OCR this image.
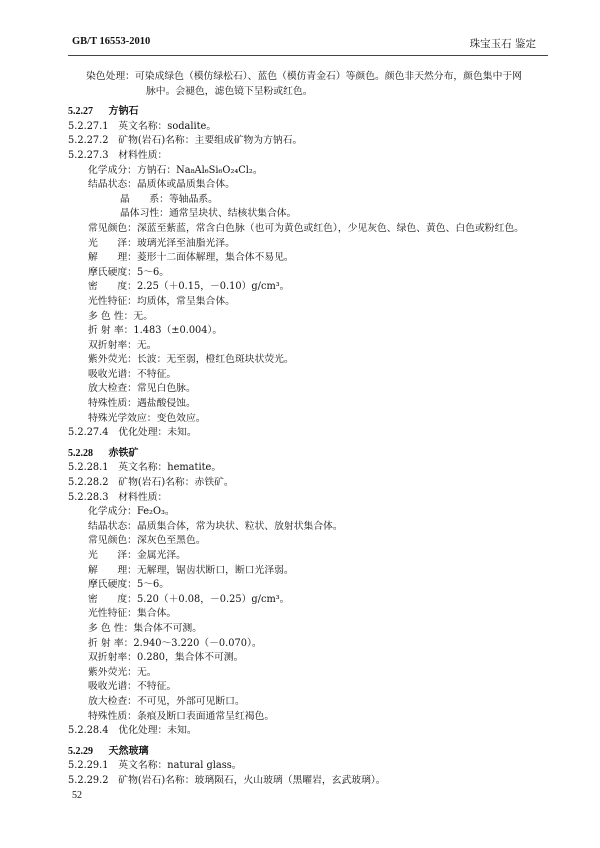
GB/T 16553-2010	珠宝玉石 鉴定
染色处理：可染成绿色（模仿绿松石）、蓝色（模仿青金石）等颜色。颜色非天然分布，颜色集中于网
脉中。会褪色，滤色镜下呈粉或红色。
5.2.27 方钠石
5.2.27.1　英文名称：sodalite。
5.2.27.2　矿物(岩石)名称：主要组成矿物为方钠石。
5.2.27.3　材料性质：
化学成分：方钠石：Na₈Al₆Si₆O₂₄Cl₂。
结晶状态：晶质体或晶质集合体。
晶　　系：等轴晶系。
晶体习性：通常呈块状、结核状集合体。
常见颜色：深蓝至紫蓝，常含白色脉（也可为黄色或红色），少见灰色、绿色、黄色、白色或粉红色。
光　　泽：玻璃光泽至油脂光泽。
解　　理：菱形十二面体解理，集合体不易见。
摩氏硬度：5～6。
密　　度：2.25（＋0.15，－0.10）g/cm³。
光性特征：均质体，常呈集合体。
多 色 性：无。
折 射 率：1.483（±0.004）。
双折射率：无。
紫外荧光：长波：无至弱，橙红色斑块状荧光。
吸收光谱：不特征。
放大检查：常见白色脉。
特殊性质：遇盐酸侵蚀。
特殊光学效应：变色效应。
5.2.27.4　优化处理：未知。
5.2.28 赤铁矿
5.2.28.1　英文名称：hematite。
5.2.28.2　矿物(岩石)名称：赤铁矿。
5.2.28.3　材料性质：
化学成分：Fe₂O₃。
结晶状态：晶质集合体，常为块状、粒状、放射状集合体。
常见颜色：深灰色至黑色。
光　　泽：金属光泽。
解　　理：无解理，锯齿状断口，断口光泽弱。
摩氏硬度：5～6。
密　　度：5.20（＋0.08，－0.25）g/cm³。
光性特征：集合体。
多 色 性：集合体不可测。
折 射 率：2.940～3.220（－0.070）。
双折射率：0.280，集合体不可测。
紫外荧光：无。
吸收光谱：不特征。
放大检查：不可见，外部可见断口。
特殊性质：条痕及断口表面通常呈红褐色。
5.2.28.4　优化处理：未知。
5.2.29 天然玻璃
5.2.29.1　英文名称：natural glass。
5.2.29.2　矿物(岩石)名称：玻璃陨石，火山玻璃（黑曜岩，玄武玻璃）。
52
